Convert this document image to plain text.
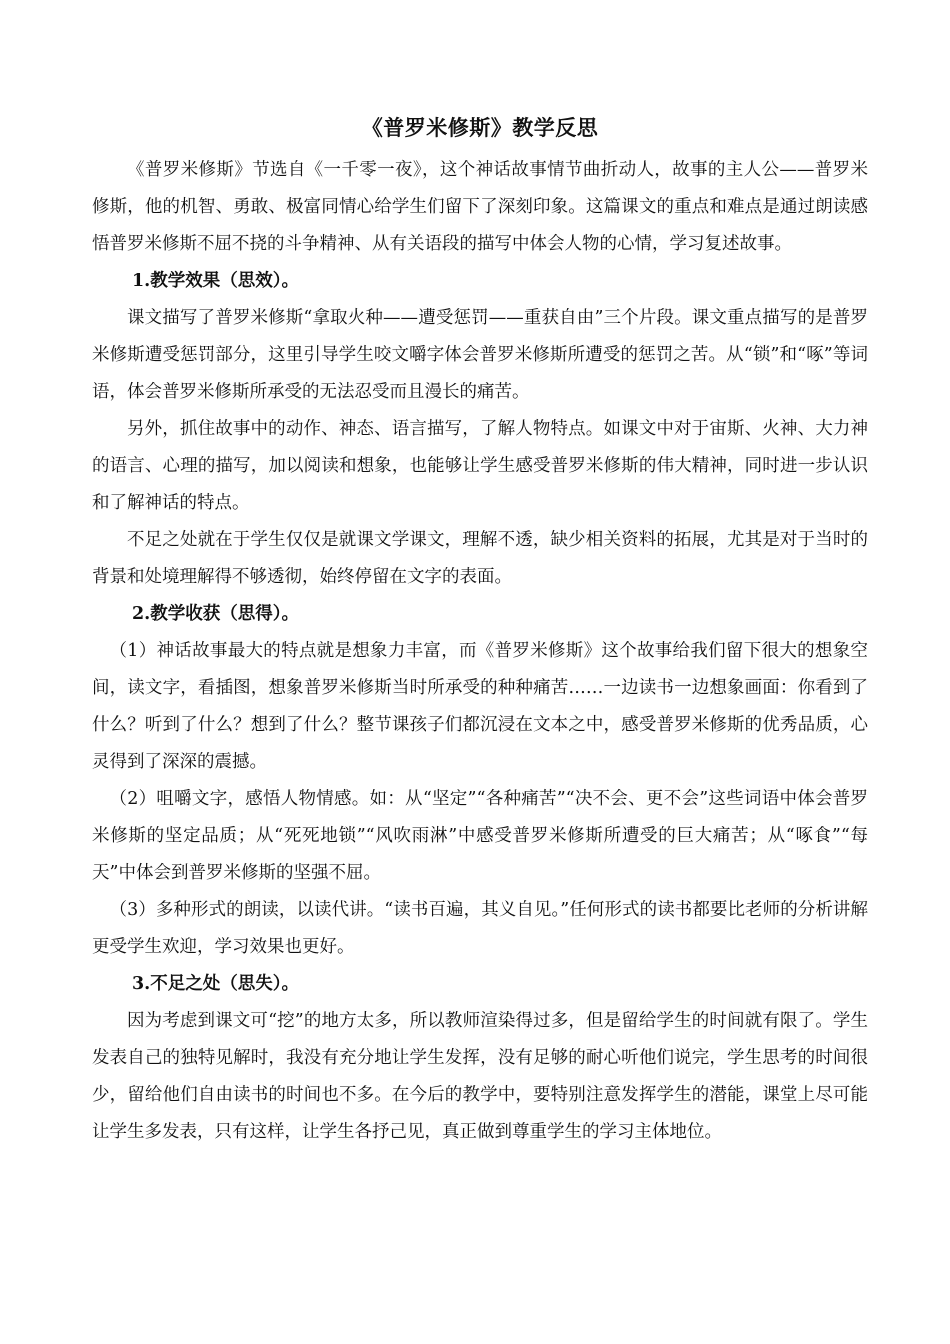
《普罗米修斯》教学反思

《普罗米修斯》节选自《一千零一夜》，这个神话故事情节曲折动人，故事的主人公——普罗米修斯，他的机智、勇敢、极富同情心给学生们留下了深刻印象。这篇课文的重点和难点是通过朗读感悟普罗米修斯不屈不挠的斗争精神、从有关语段的描写中体会人物的心情，学习复述故事。

1.教学效果（思效）。

课文描写了普罗米修斯“拿取火种——遭受惩罚——重获自由”三个片段。课文重点描写的是普罗米修斯遭受惩罚部分，这里引导学生咬文嚼字体会普罗米修斯所遭受的惩罚之苦。从“锁”和“啄”等词语，体会普罗米修斯所承受的无法忍受而且漫长的痛苦。

另外，抓住故事中的动作、神态、语言描写，了解人物特点。如课文中对于宙斯、火神、大力神的语言、心理的描写，加以阅读和想象，也能够让学生感受普罗米修斯的伟大精神，同时进一步认识和了解神话的特点。

不足之处就在于学生仅仅是就课文学课文，理解不透，缺少相关资料的拓展，尤其是对于当时的背景和处境理解得不够透彻，始终停留在文字的表面。

2.教学收获（思得）。

（1）神话故事最大的特点就是想象力丰富，而《普罗米修斯》这个故事给我们留下很大的想象空间，读文字，看插图，想象普罗米修斯当时所承受的种种痛苦……一边读书一边想象画面：你看到了什么？听到了什么？想到了什么？整节课孩子们都沉浸在文本之中，感受普罗米修斯的优秀品质，心灵得到了深深的震撼。

（2）咀嚼文字，感悟人物情感。如：从“坚定”“各种痛苦”“决不会、更不会”这些词语中体会普罗米修斯的坚定品质；从“死死地锁”“风吹雨淋”中感受普罗米修斯所遭受的巨大痛苦；从“啄食”“每天”中体会到普罗米修斯的坚强不屈。

（3）多种形式的朗读，以读代讲。“读书百遍，其义自见。”任何形式的读书都要比老师的分析讲解更受学生欢迎，学习效果也更好。

3.不足之处（思失）。

因为考虑到课文可“挖”的地方太多，所以教师渲染得过多，但是留给学生的时间就有限了。学生发表自己的独特见解时，我没有充分地让学生发挥，没有足够的耐心听他们说完，学生思考的时间很少，留给他们自由读书的时间也不多。在今后的教学中，要特别注意发挥学生的潜能，课堂上尽可能让学生多发表，只有这样，让学生各抒己见，真正做到尊重学生的学习主体地位。
